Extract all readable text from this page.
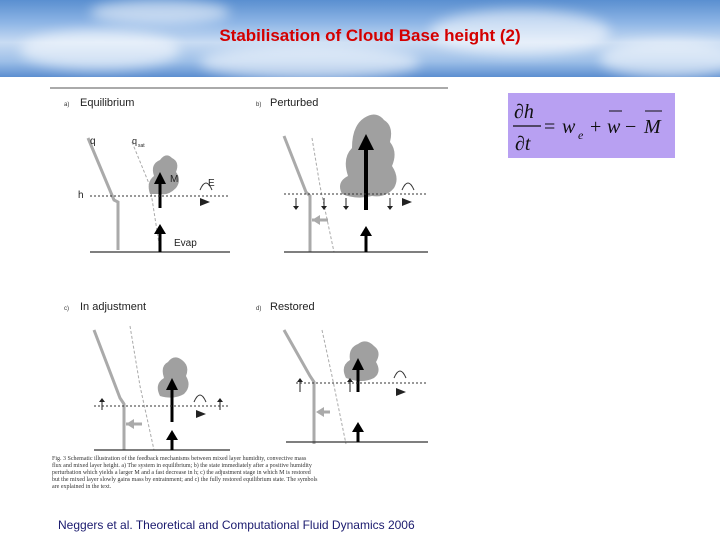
Stabilisation of Cloud Base height (2)
a) Equilibrium
q	q sat
h
M	E
Evap
b) Perturbed
c) In adjustment	d) Restored
Fig. 3 Schematic illustration of the feedback mechanisms between mixed layer humidity, convective mass
flux and mixed layer height. a) The system in equilibrium; b) the state immediately after a positive humidity
perturbation which yields a larger M and a fast decrease in h; c) the adjustment stage in which M is restored
but the mixed layer slowly gains mass by entrainment; and c) the fully restored equilibrium state. The symbols
are explained in the text.
∂h
∂t
= w e + w − M
Neggers et al. Theoretical and Computational Fluid Dynamics 2006
